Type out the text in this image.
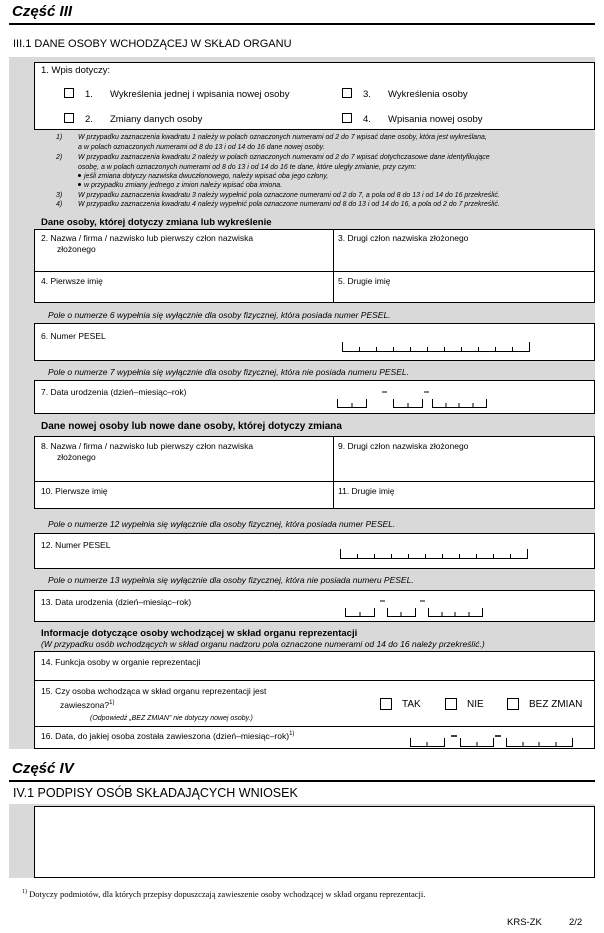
Część III
III.1 DANE OSOBY WCHODZĄCEJ W SKŁAD ORGANU
1. Wpis dotyczy:
1. Wykreślenia jednej i wpisania nowej osoby	3. Wykreślenia osoby
2. Zmiany danych osoby	4. Wpisania nowej osoby
1) W przypadku zaznaczenia kwadratu 1 należy w polach oznaczonych numerami od 2 do 7 wpisać dane osoby, która jest wykreślana,
a w polach oznaczonych numerami od 8 do 13 i od 14 do 16 dane nowej osoby.
2) W przypadku zaznaczenia kwadratu 2 należy w polach oznaczonych numerami od 2 do 7 wpisać dotychczasowe dane identyfikujące
osobę, a w polach oznaczonych numerami od 8 do 13 i od 14 do 16 te dane, które uległy zmianie, przy czym:
jeśli zmiana dotyczy nazwiska dwuczłonowego, należy wpisać oba jego człony,
w przypadku zmiany jednego z imion należy wpisać oba imiona.
3) W przypadku zaznaczenia kwadratu 3 należy wypełnić pola oznaczone numerami od 2 do 7, a pola od 8 do 13 i od 14 do 16 przekreślić.
4) W przypadku zaznaczenia kwadratu 4 należy wypełnić pola oznaczone numerami od 8 do 13 i od 14 do 16, a pola od 2 do 7 przekreślić.
Dane osoby, której dotyczy zmiana lub wykreślenie
2. Nazwa / firma / nazwisko lub pierwszy człon nazwiska
złożonego
3. Drugi człon nazwiska złożonego
4. Pierwsze imię	5. Drugie imię
Pole o numerze 6 wypełnia się wyłącznie dla osoby fizycznej, która posiada numer PESEL.
6. Numer PESEL
Pole o numerze 7 wypełnia się wyłącznie dla osoby fizycznej, która nie posiada numeru PESEL.
7. Data urodzenia (dzień–miesiąc–rok)
Dane nowej osoby lub nowe dane osoby, której dotyczy zmiana
8. Nazwa / firma / nazwisko lub pierwszy człon nazwiska
złożonego
9. Drugi człon nazwiska złożonego
10. Pierwsze imię	11. Drugie imię
Pole o numerze 12 wypełnia się wyłącznie dla osoby fizycznej, która posiada numer PESEL.
12. Numer PESEL
Pole o numerze 13 wypełnia się wyłącznie dla osoby fizycznej, która nie posiada numeru PESEL.
13. Data urodzenia (dzień–miesiąc–rok)
Informacje dotyczące osoby wchodzącej w skład organu reprezentacji
(W przypadku osób wchodzących w skład organu nadzoru pola oznaczone numerami od 14 do 16 należy przekreślić.)
14. Funkcja osoby w organie reprezentacji
15. Czy osoba wchodząca w skład organu reprezentacji jest
zawieszona?$^{1)}$
(Odpowiedź „BEZ ZMIAN” nie dotyczy nowej osoby.)
TAK	NIE	BEZ ZMIAN
16. Data, do jakiej osoba została zawieszona (dzień–miesiąc–rok)$^{1)}$
Część IV
IV.1 PODPISY OSÓB SKŁADAJĄCYCH WNIOSEK
$^{1)}$ Dotyczy podmiotów, dla których przepisy dopuszczają zawieszenie osoby wchodzącej w skład organu reprezentacji.
KRS-ZK	2/2
